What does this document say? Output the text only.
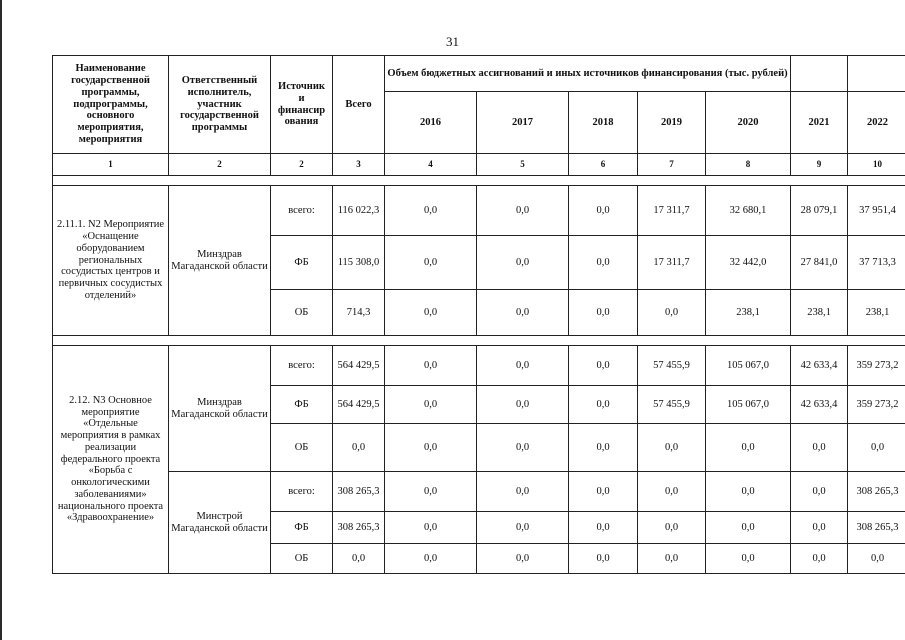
31
Наименование государственной программы, подпрограммы, основного мероприятия, мероприятия	Ответственный исполнитель, участник государственной программы	Источник
и
финансир
ования	Всего	Объем бюджетных ассигнований и иных источников финансирования (тыс. рублей)						
				2016	2017	2018	2019	2020	2021	2022
1	2	2	3	4	5	6	7	8	9	10

2.11.1. N2 Мероприятие «Оснащение оборудованием региональных сосудистых центров и первичных сосудистых отделений»	Минздрав Магаданской области	всего:	116 022,3	0,0	0,0	0,0	17 311,7	32 680,1	28 079,1	37 951,4
		ФБ	115 308,0	0,0	0,0	0,0	17 311,7	32 442,0	27 841,0	37 713,3
		ОБ	714,3	0,0	0,0	0,0	0,0	238,1	238,1	238,1

2.12. N3 Основное мероприятие «Отдельные мероприятия в рамках реализации федерального проекта «Борьба с онкологическими заболеваниями» национального проекта «Здравоохранение»	Минздрав Магаданской области	всего:	564 429,5	0,0	0,0	0,0	57 455,9	105 067,0	42 633,4	359 273,2
		ФБ	564 429,5	0,0	0,0	0,0	57 455,9	105 067,0	42 633,4	359 273,2
		ОБ	0,0	0,0	0,0	0,0	0,0	0,0	0,0	0,0
	Минстрой Магаданской области	всего:	308 265,3	0,0	0,0	0,0	0,0	0,0	0,0	308 265,3
		ФБ	308 265,3	0,0	0,0	0,0	0,0	0,0	0,0	308 265,3
		ОБ	0,0	0,0	0,0	0,0	0,0	0,0	0,0	0,0
